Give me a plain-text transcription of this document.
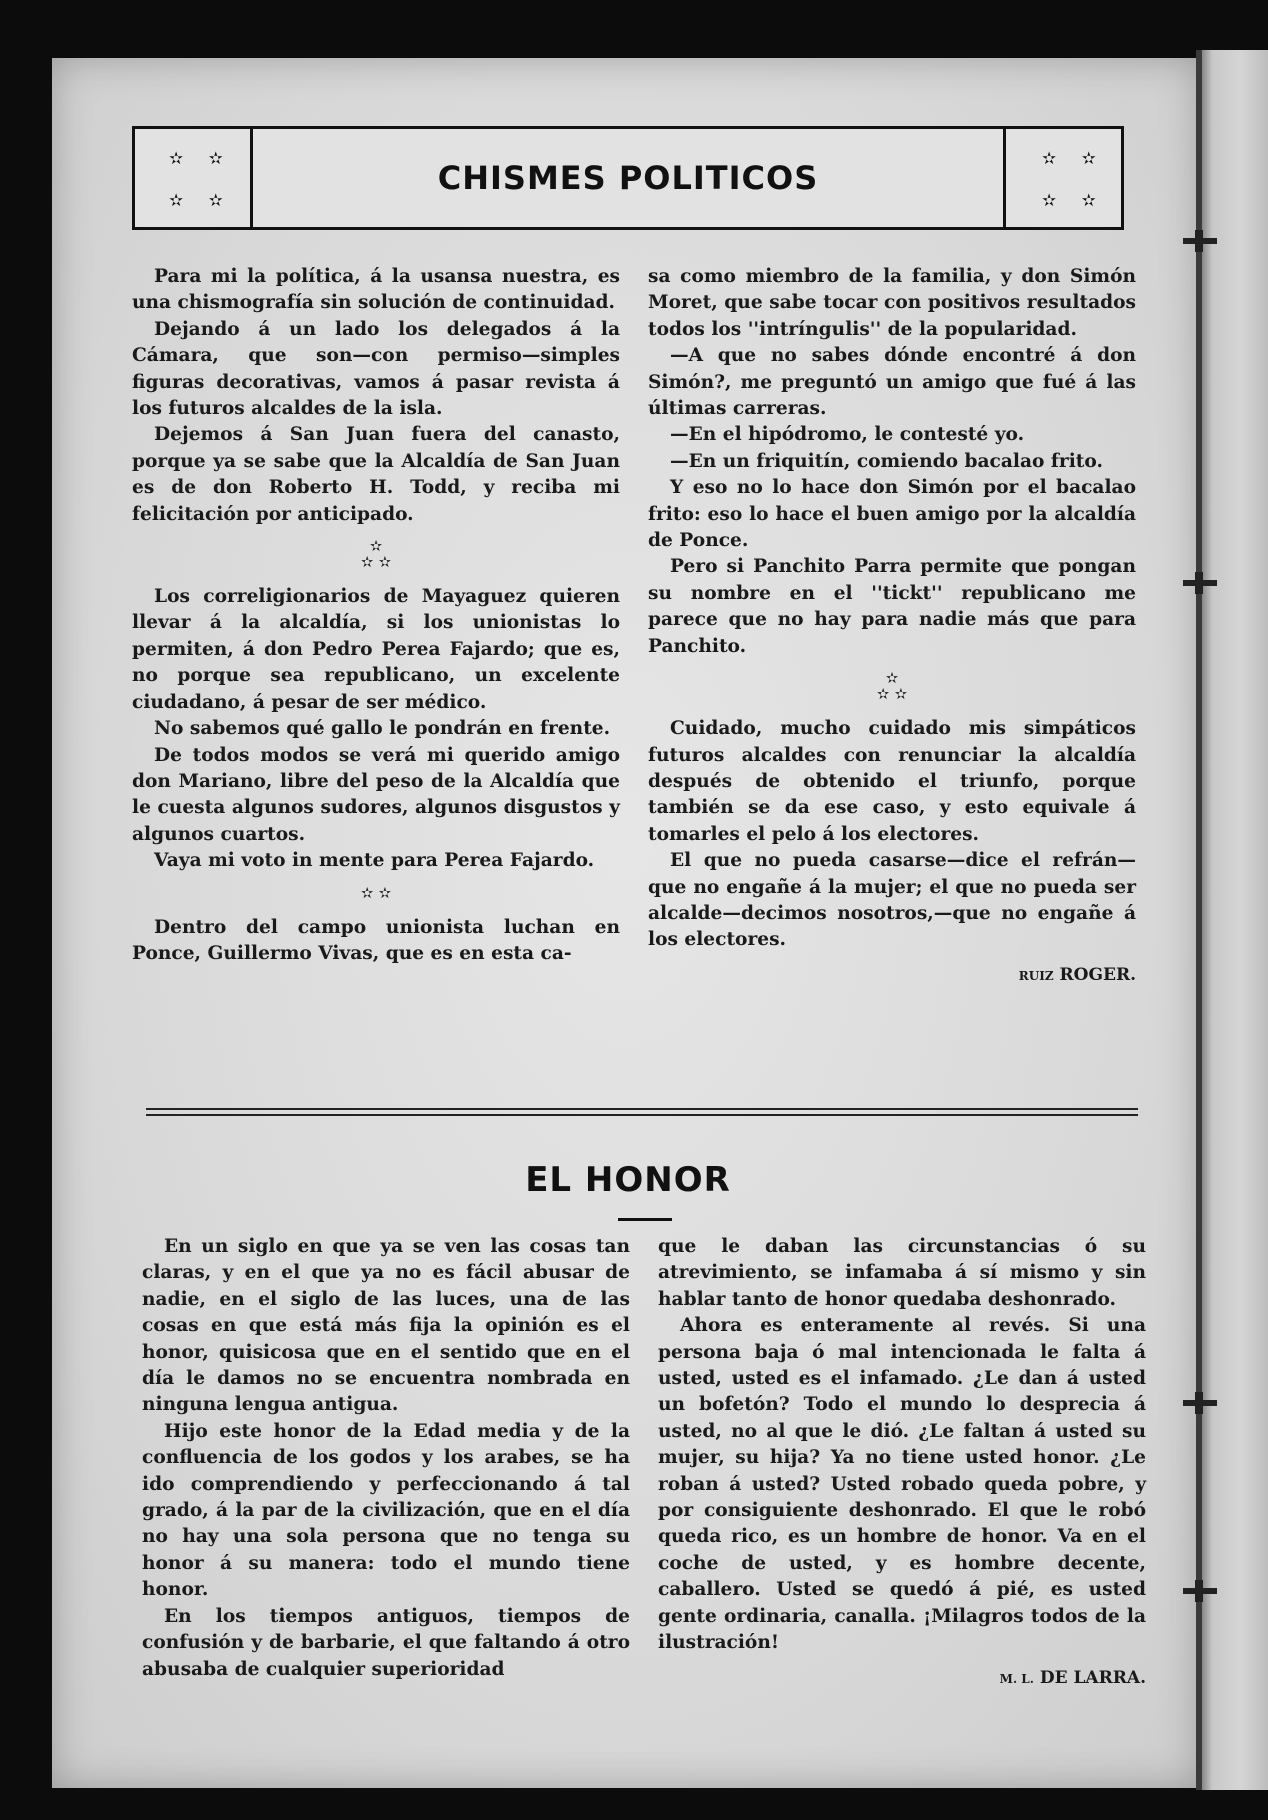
✫ ✫
✫ ✫
CHISMES POLITICOS	✫ ✫
✫ ✫

Para mi la política, á la usansa nuestra, es una chismografía sin solución de continuidad.

Dejando á un lado los delegados á la Cámara, que son—con permiso—simples figuras decorativas, vamos á pasar revista á los futuros alcaldes de la isla.

Dejemos á San Juan fuera del canasto, porque ya se sabe que la Alcaldía de San Juan es de don Roberto H. Todd, y reciba mi felicitación por anticipado.

✫
✫ ✫

Los correligionarios de Mayaguez quieren llevar á la alcaldía, si los unionistas lo permiten, á don Pedro Perea Fajardo; que es, no porque sea republicano, un excelente ciudadano, á pesar de ser médico.

No sabemos qué gallo le pondrán en frente.

De todos modos se verá mi querido amigo don Mariano, libre del peso de la Alcaldía que le cuesta algunos sudores, algunos disgustos y algunos cuartos.

Vaya mi voto in mente para Perea Fajardo.

✫ ✫

Dentro del campo unionista luchan en Ponce, Guillermo Vivas, que es en esta ca-

sa como miembro de la familia, y don Simón Moret, que sabe tocar con positivos resultados todos los ''intríngulis'' de la popularidad.

—A que no sabes dónde encontré á don Simón?, me preguntó un amigo que fué á las últimas carreras.

—En el hipódromo, le contesté yo.

—En un friquitín, comiendo bacalao frito.

Y eso no lo hace don Simón por el bacalao frito: eso lo hace el buen amigo por la alcaldía de Ponce.

Pero si Panchito Parra permite que pongan su nombre en el ''tickt'' republicano me parece que no hay para nadie más que para Panchito.

✫
✫ ✫

Cuidado, mucho cuidado mis simpáticos futuros alcaldes con renunciar la alcaldía después de obtenido el triunfo, porque también se da ese caso, y esto equivale á tomarles el pelo á los electores.

El que no pueda casarse—dice el refrán—que no engañe á la mujer; el que no pueda ser alcalde—decimos nosotros,—que no engañe á los electores.

RUIZ ROGER.
EL HONOR

En un siglo en que ya se ven las cosas tan claras, y en el que ya no es fácil abusar de nadie, en el siglo de las luces, una de las cosas en que está más fija la opinión es el honor, quisicosa que en el sentido que en el día le damos no se encuentra nombrada en ninguna lengua antigua.

Hijo este honor de la Edad media y de la confluencia de los godos y los arabes, se ha ido comprendiendo y perfeccionando á tal grado, á la par de la civilización, que en el día no hay una sola persona que no tenga su honor á su manera: todo el mundo tiene honor.

En los tiempos antiguos, tiempos de confusión y de barbarie, el que faltando á otro abusaba de cualquier superioridad

que le daban las circunstancias ó su atrevimiento, se infamaba á sí mismo y sin hablar tanto de honor quedaba deshonrado.

Ahora es enteramente al revés. Si una persona baja ó mal intencionada le falta á usted, usted es el infamado. ¿Le dan á usted un bofetón? Todo el mundo lo desprecia á usted, no al que le dió. ¿Le faltan á usted su mujer, su hija? Ya no tiene usted honor. ¿Le roban á usted? Usted robado queda pobre, y por consiguiente deshonrado. El que le robó queda rico, es un hombre de honor. Va en el coche de usted, y es hombre decente, caballero. Usted se quedó á pié, es usted gente ordinaria, canalla. ¡Milagros todos de la ilustración!

M. L. DE LARRA.
